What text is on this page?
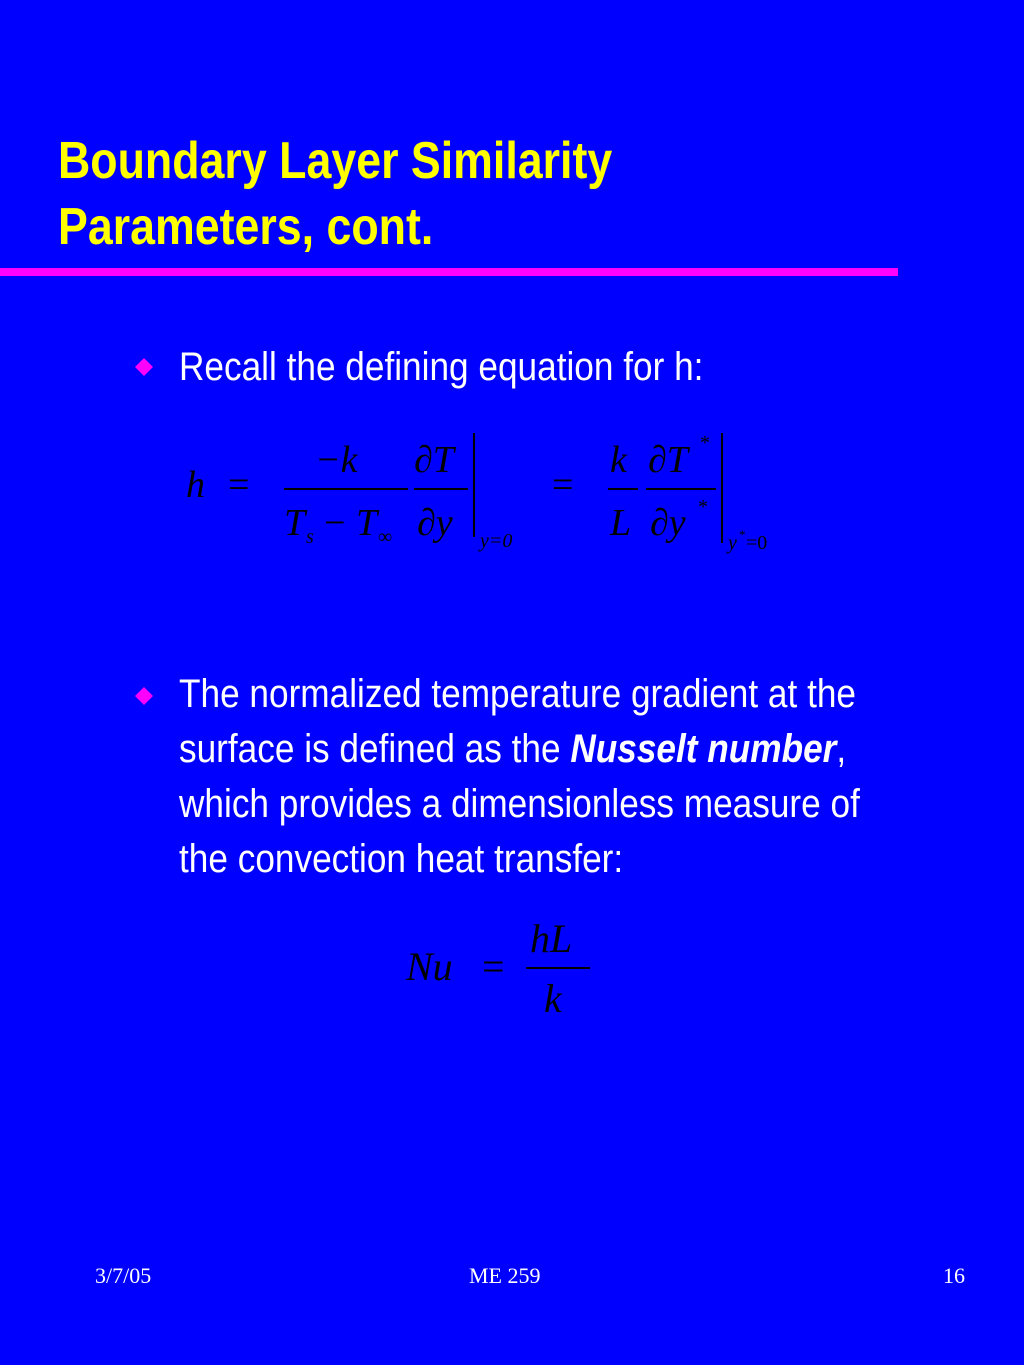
Boundary Layer Similarity
Parameters, cont.
Recall the defining equation for h:
h =
−k
T s − T ∞
∂T
∂y y=0
=
k
L
∂T *
∂y *
y * =0
The normalized temperature gradient at the
surface is defined as the Nusselt number,
which provides a dimensionless measure of
the convection heat transfer:
Nu =
hL
k
3/7/05	ME 259	16
